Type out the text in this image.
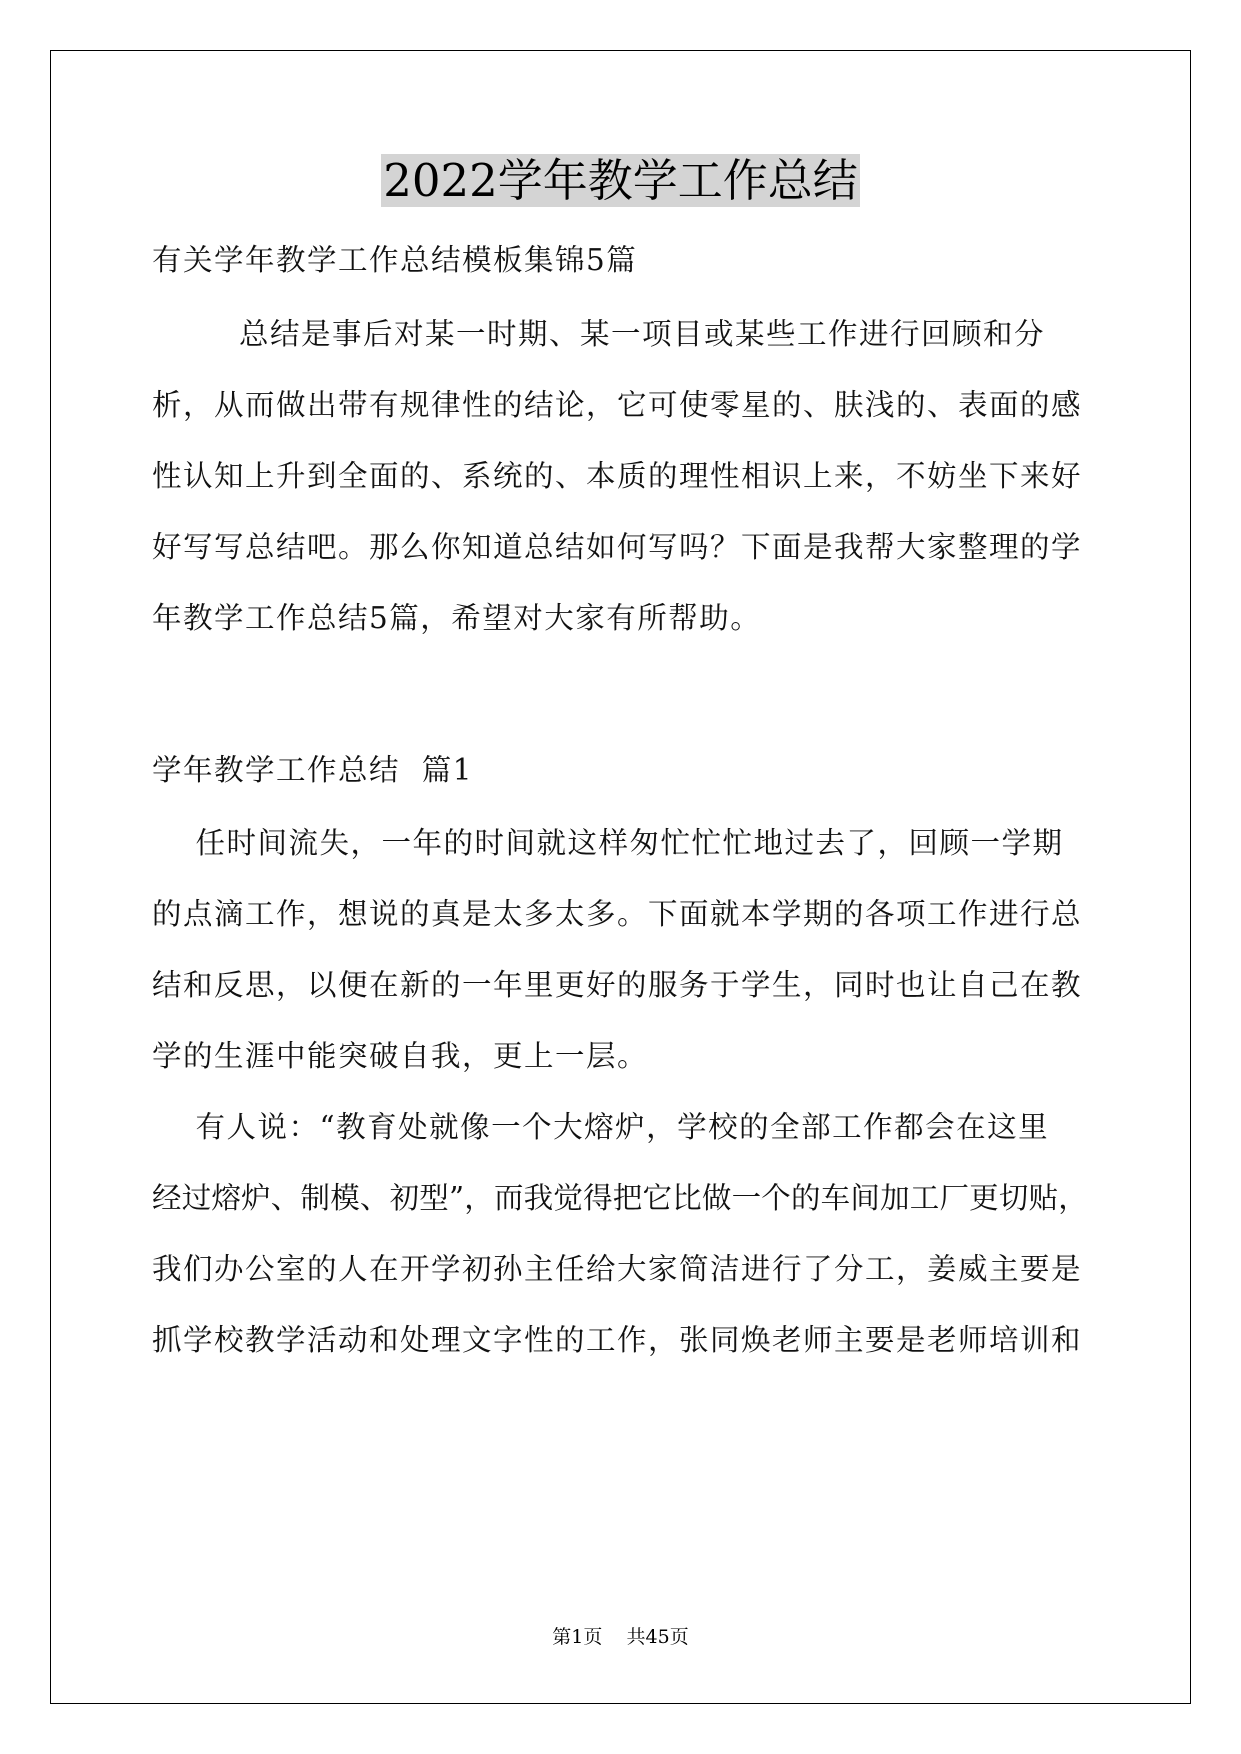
2022学年教学工作总结
有关学年教学工作总结模板集锦5篇
总结是事后对某一时期、某一项目或某些工作进行回顾和分
析，从而做出带有规律性的结论，它可使零星的、肤浅的、表面的感
性认知上升到全面的、系统的、本质的理性相识上来，不妨坐下来好
好写写总结吧。那么你知道总结如何写吗？下面是我帮大家整理的学
年教学工作总结5篇，希望对大家有所帮助。
学年教学工作总结  篇1
任时间流失，一年的时间就这样匆忙忙忙地过去了，回顾一学期
的点滴工作，想说的真是太多太多。下面就本学期的各项工作进行总
结和反思，以便在新的一年里更好的服务于学生，同时也让自己在教
学的生涯中能突破自我，更上一层。
有人说：“教育处就像一个大熔炉，学校的全部工作都会在这里
经过熔炉、制模、初型”，而我觉得把它比做一个的车间加工厂更切贴，
我们办公室的人在开学初孙主任给大家简洁进行了分工，姜威主要是
抓学校教学活动和处理文字性的工作，张同焕老师主要是老师培训和
第1页    共45页
